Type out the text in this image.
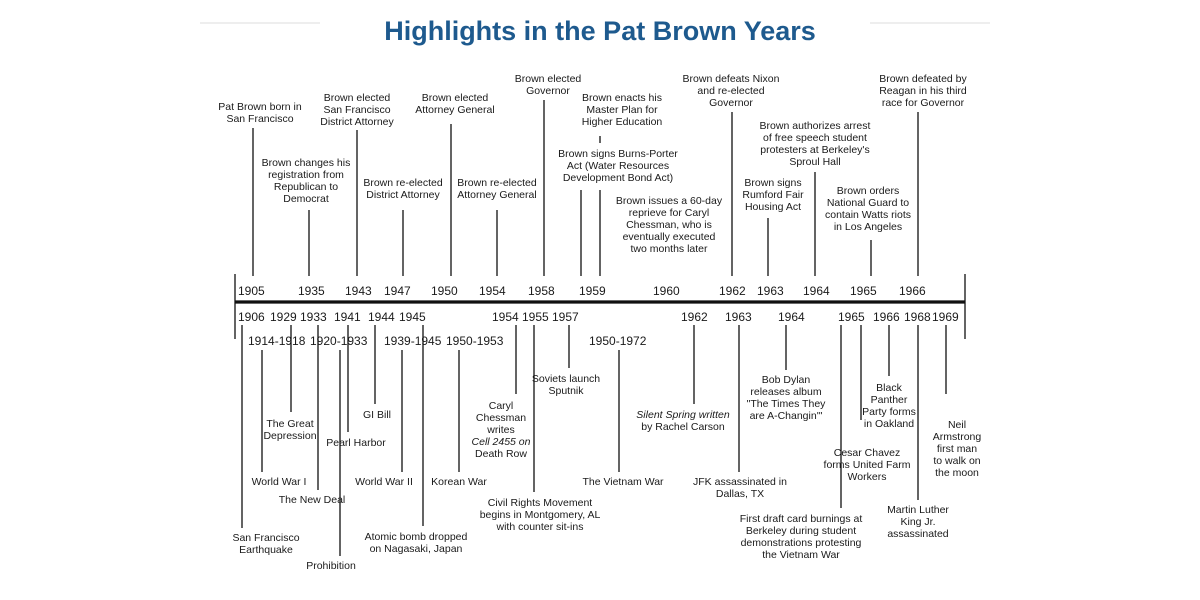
Highlights in the Pat Brown Years
1905	1935 1943 1947 1950 1954 1958 1959	1960	1962 1963 1964 1965 1966
1906 1929 1933 1941 1944 1945	1954 1955 1957	1962 1963 1964	1965 1966 1968 1969
1914-1918 1920-1933 1939-1945 1950-1953	1950-1972
Pat Brown born in
San Francisco
Brown changes his
registration from
Republican to
Democrat
Brown elected
San Francisco
District Attorney
Brown re-elected
District Attorney
Brown elected
Attorney General
Brown re-elected
Attorney General
Brown elected
Governor
Brown enacts his
Master Plan for
Higher Education
Brown signs Burns-Porter
Act (Water Resources
Development Bond Act)
Brown issues a 60-day
reprieve for Caryl
Chessman, who is
eventually executed
two months later
Brown defeats Nixon
and re-elected
Governor
Brown signs
Rumford Fair
Housing Act
Brown authorizes arrest
of free speech student
protesters at Berkeley's
Sproul Hall
Brown orders
National Guard to
contain Watts riots
in Los Angeles
Brown defeated by
Reagan in his third
race for Governor
San Francisco
Earthquake
World War I
The Great
Depression
The New Deal
Prohibition
Pearl Harbor
GI Bill
World War II
Atomic bomb dropped
on Nagasaki, Japan
Korean War
Caryl
Chessman
writes
Cell 2455 on
Death Row
Civil Rights Movement
begins in Montgomery, AL
with counter sit-ins
Soviets launch
Sputnik
The Vietnam War
Silent Spring written
by Rachel Carson
JFK assassinated in
Dallas, TX
Bob Dylan
releases album
"The Times They
are A-Changin'"
First draft card burnings at
Berkeley during student
demonstrations protesting
the Vietnam War
Cesar Chavez
forms United Farm
Workers
Black
Panther
Party forms
in Oakland
Martin Luther
King Jr.
assassinated
Neil
Armstrong
first man
to walk on
the moon
